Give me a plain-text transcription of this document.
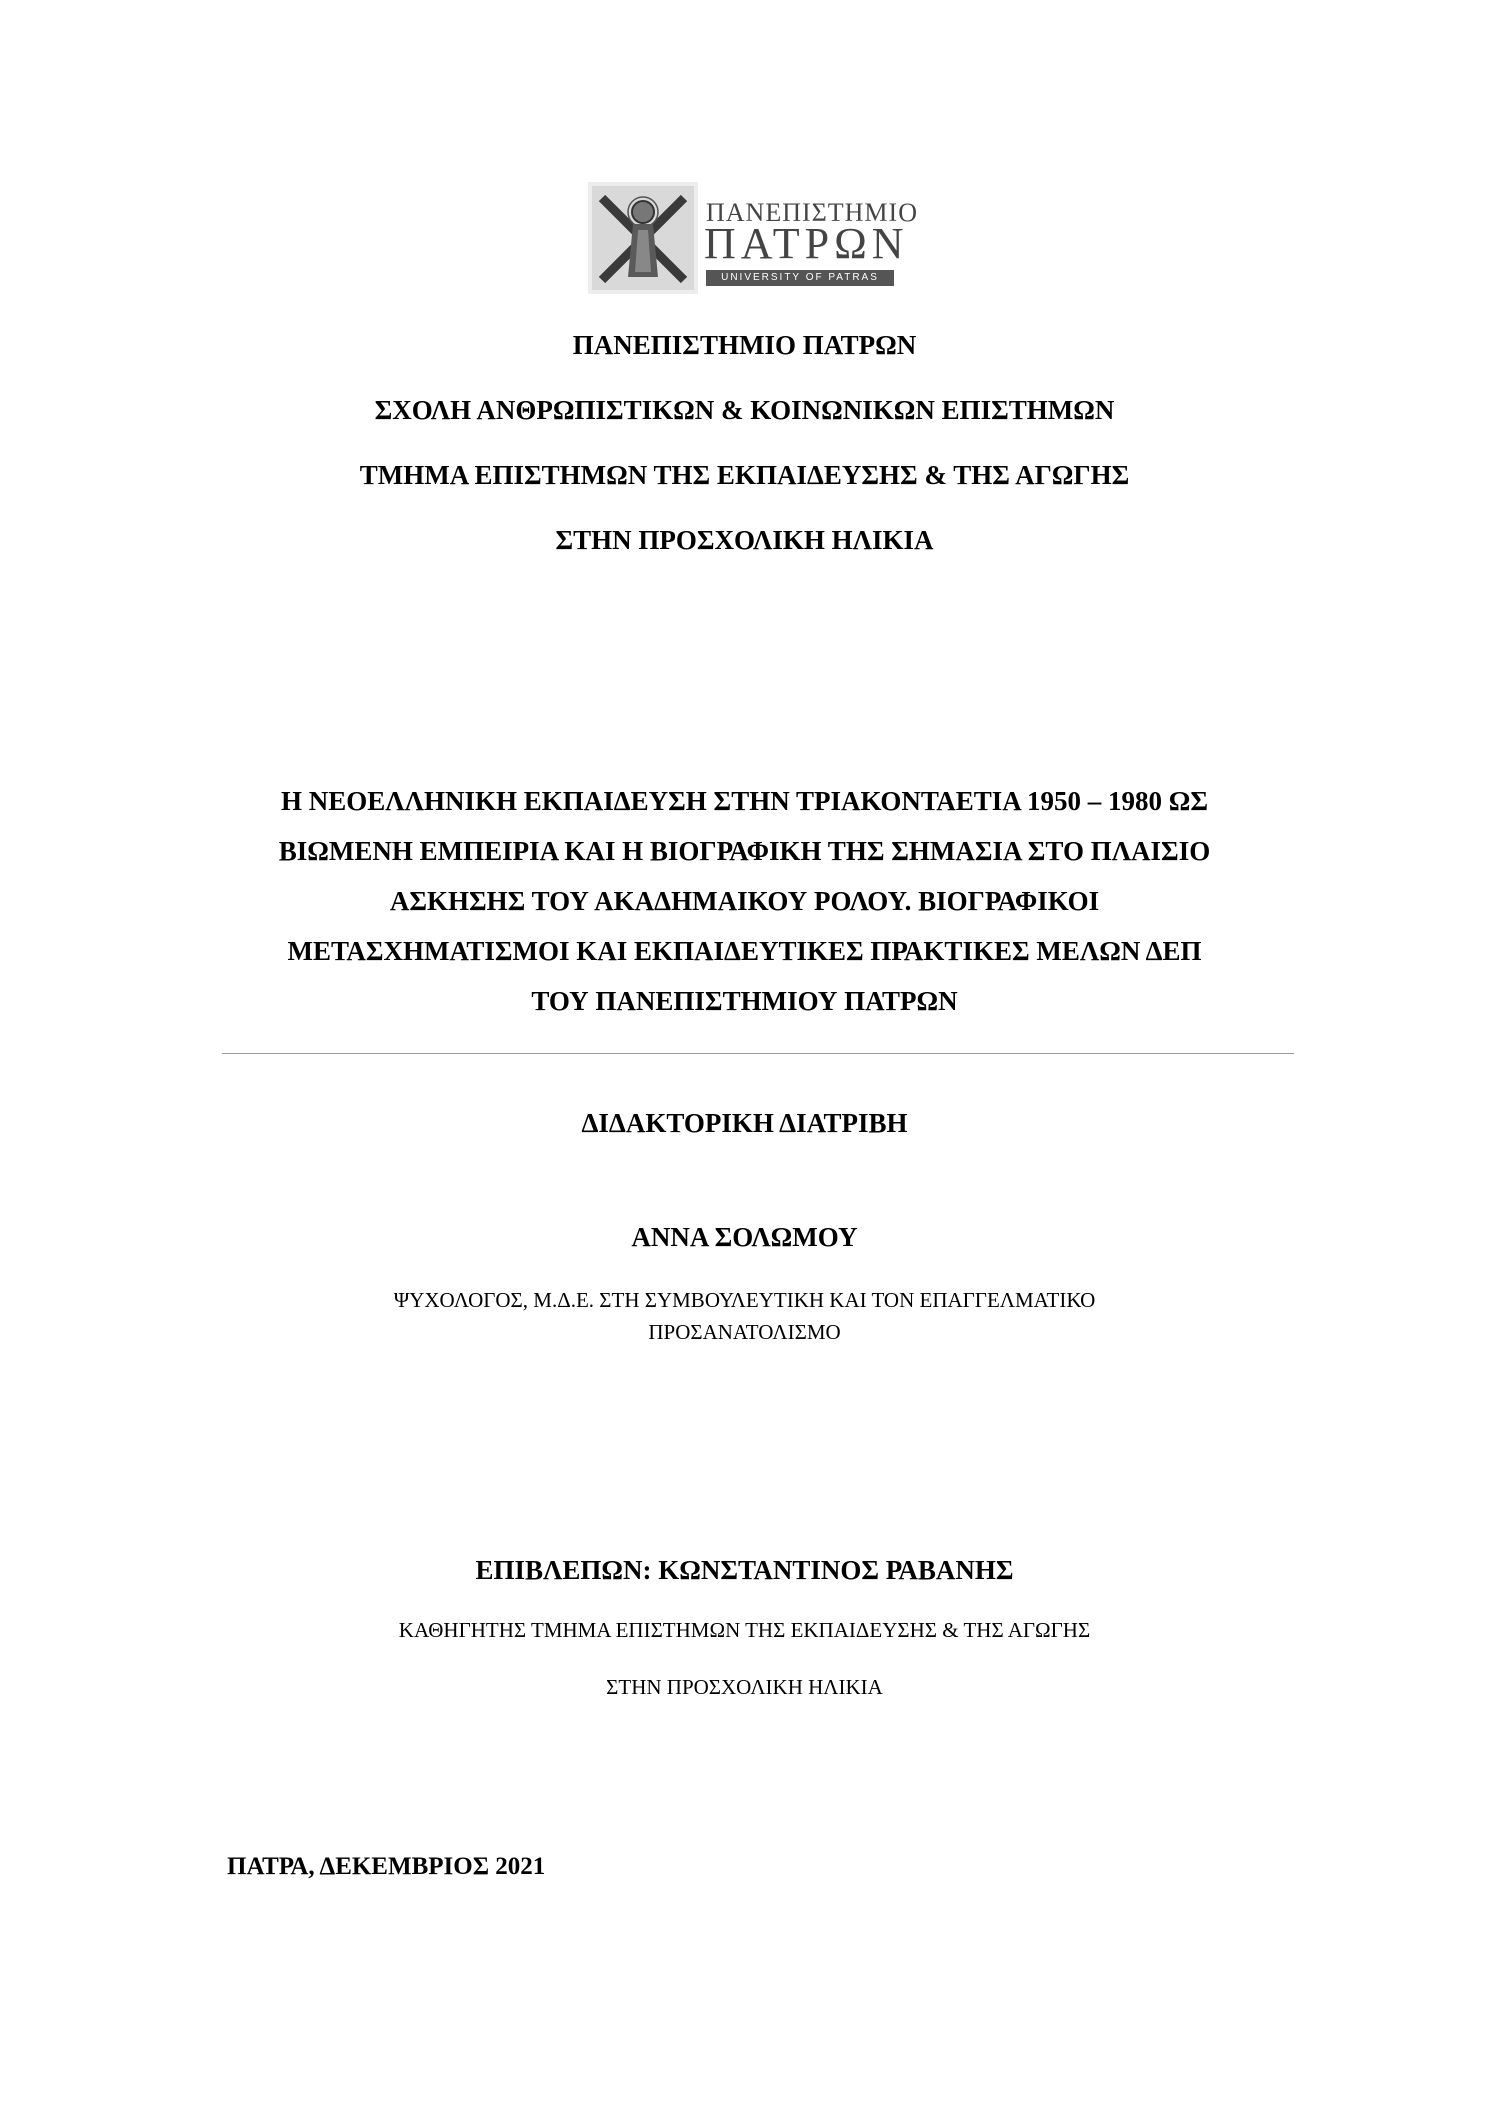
ΠΑΝΕΠΙΣΤΗΜΙΟ
ΠΑΤΡΩΝ
UNIVERSITY OF PATRAS
ΠΑΝΕΠΙΣΤΗΜΙΟ ΠΑΤΡΩΝ
ΣΧΟΛΗ ΑΝΘΡΩΠΙΣΤΙΚΩΝ & ΚΟΙΝΩΝΙΚΩΝ ΕΠΙΣΤΗΜΩΝ
ΤΜΗΜΑ ΕΠΙΣΤΗΜΩΝ ΤΗΣ ΕΚΠΑΙΔΕΥΣΗΣ & ΤΗΣ ΑΓΩΓΗΣ
ΣΤΗΝ ΠΡΟΣΧΟΛΙΚΗ ΗΛΙΚΙΑ
Η ΝΕΟΕΛΛΗΝΙΚΗ ΕΚΠΑΙΔΕΥΣΗ ΣΤΗΝ ΤΡΙΑΚΟΝΤΑΕΤΙΑ 1950 – 1980 ΩΣ
ΒΙΩΜΕΝΗ ΕΜΠΕΙΡΙΑ ΚΑΙ Η ΒΙΟΓΡΑΦΙΚΗ ΤΗΣ ΣΗΜΑΣΙΑ ΣΤΟ ΠΛΑΙΣΙΟ
ΑΣΚΗΣΗΣ ΤΟΥ ΑΚΑΔΗΜΑΙΚΟΥ ΡΟΛΟΥ. ΒΙΟΓΡΑΦΙΚΟΙ
ΜΕΤΑΣΧΗΜΑΤΙΣΜΟΙ ΚΑΙ ΕΚΠΑΙΔΕΥΤΙΚΕΣ ΠΡΑΚΤΙΚΕΣ ΜΕΛΩΝ ΔΕΠ
ΤΟΥ ΠΑΝΕΠΙΣΤΗΜΙΟΥ ΠΑΤΡΩΝ
ΔΙΔΑΚΤΟΡΙΚΗ ΔΙΑΤΡΙΒΗ
ΑΝΝΑ ΣΟΛΩΜΟΥ
ΨΥΧΟΛΟΓΟΣ, Μ.Δ.Ε. ΣΤΗ ΣΥΜΒΟΥΛΕΥΤΙΚΗ ΚΑΙ ΤΟΝ ΕΠΑΓΓΕΛΜΑΤΙΚΟ
ΠΡΟΣΑΝΑΤΟΛΙΣΜΟ
ΕΠΙΒΛΕΠΩΝ: ΚΩΝΣΤΑΝΤΙΝΟΣ ΡΑΒΑΝΗΣ
ΚΑΘΗΓΗΤΗΣ ΤΜΗΜΑ ΕΠΙΣΤΗΜΩΝ ΤΗΣ ΕΚΠΑΙΔΕΥΣΗΣ & ΤΗΣ ΑΓΩΓΗΣ
ΣΤΗΝ ΠΡΟΣΧΟΛΙΚΗ ΗΛΙΚΙΑ
ΠΑΤΡΑ, ΔΕΚΕΜΒΡΙΟΣ 2021
